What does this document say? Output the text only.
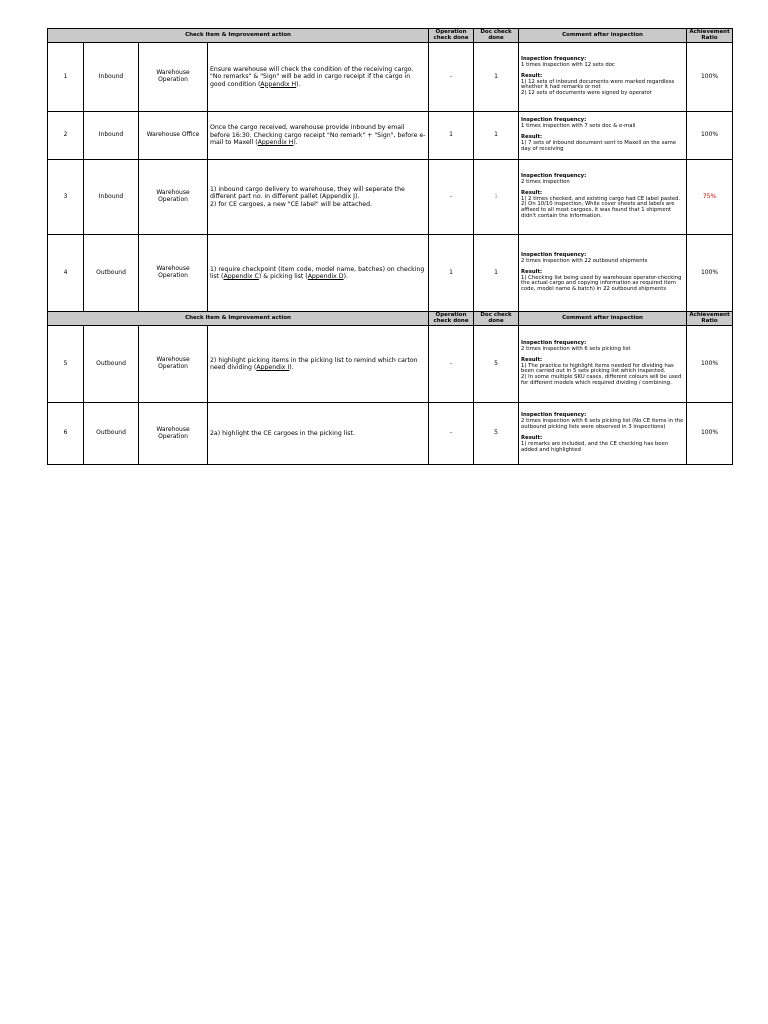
Check Item & Improvement action				Operation check done	Doc check done	Comment after inspection	Achievement Ratio
1	Inbound	Warehouse Operation	Ensure warehouse will check the condition of the receiving cargo. "No remarks" & "Sign" will be add in cargo receipt if the cargo in good condition (Appendix H).	-	1	Inspection frequency:
1 times inspection with 12 sets doc
Result:
1) 12 sets of inbound documents were marked regardless whether it had remarks or not
2) 12 sets of documents were signed by operator	100%
2	Inbound	Warehouse Office	Once the cargo received, warehouse provide inbound by email before 16:30. Checking cargo receipt "No remark" + "Sign", before e-mail to Maxell (Appendix H).	1	1	Inspection frequency:
1 times inspection with 7 sets doc & e-mail
Result:
1) 7 sets of inbound document sent to Maxell on the same day of receiving	100%
3	Inbound	Warehouse Operation	1) inbound cargo delivery to warehouse, they will seperate the different part no. in different pallet (Appendix J).
2) for CE cargoes, a new "CE label" will be attached.	-	1	Inspection frequency:
2 times inspection
Result:
1) 2 times checked, and existing cargo had CE label pasted.
2) On 10/10 inspection, While cover sheets and labels are affixed to all most cargoes, it was found that 1 shipment didn't contain the information.	75%
4	Outbound	Warehouse Operation	1) require checkpoint (item code, model name, batches) on checking list (Appendix C) & picking list (Appendix D).	1	1	Inspection frequency:
2 times inspection with 22 outbound shipments
Result:
1) Checking list being used by warehouse operator-checking the actual cargo and copying information as required item code, model name & batch) in 22 outbound shipments	100%
Check Item & Improvement action				Operation check done	Doc check done	Comment after inspection	Achievement Ratio
5	Outbound	Warehouse Operation	2) highlight picking items in the picking list to remind which carton need dividing (Appendix I).	-	5	Inspection frequency:
2 times inspection with 6 sets picking list
Result:
1) The practice to highlight items needed for dividing has been carried out in 5 sets picking list which inspected.
2) In some multiple SKU cases, different colours will be used for different models which required dividing / combining.	100%
6	Outbound	Warehouse Operation	2a) highlight the CE cargoes in the picking list.	-	5	Inspection frequency:
2 times inspection with 6 sets picking list (No CE items in the outbound picking lists were observed in 3 inspections)
Result:
1) remarks are included, and the CE checking has been added and highlighted	100%
